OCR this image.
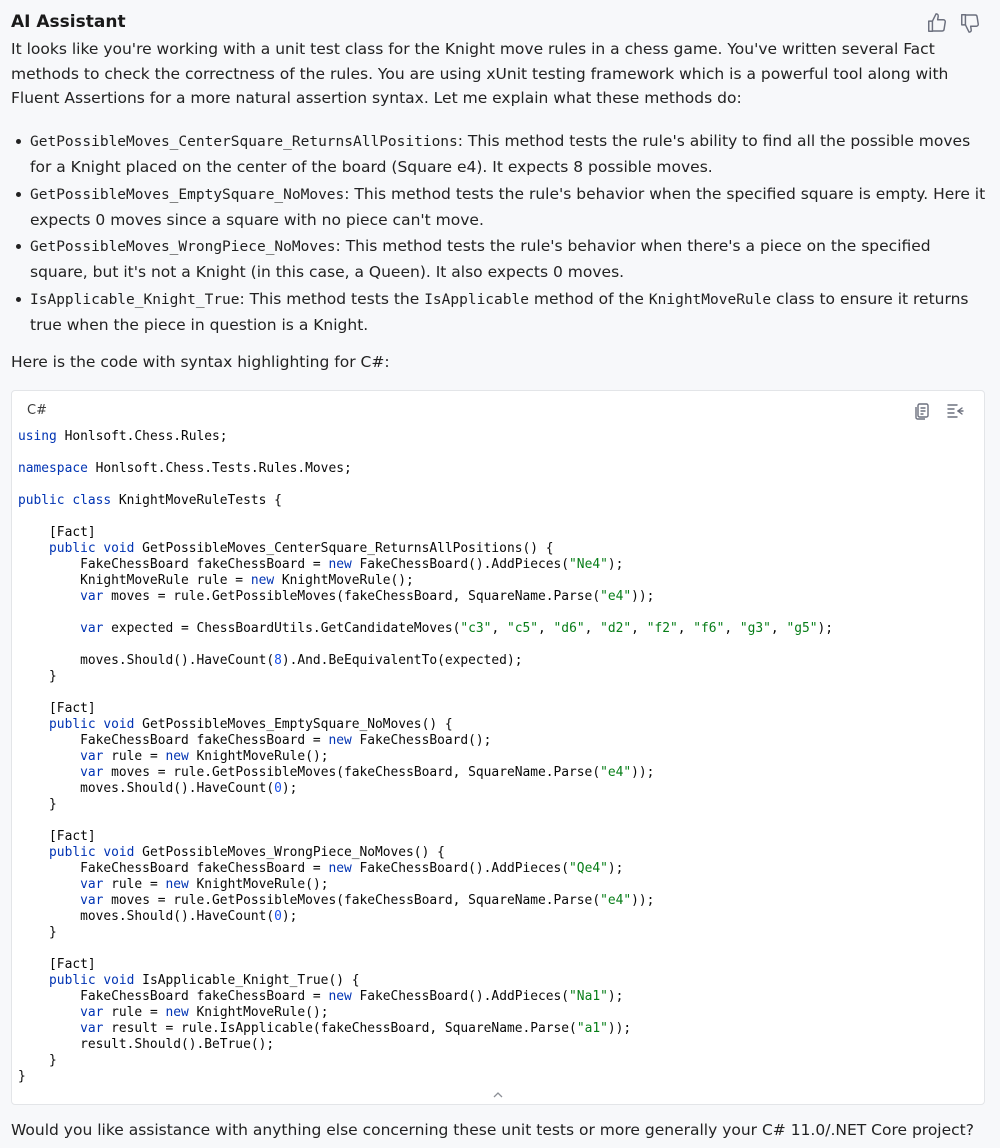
AI Assistant

It looks like you're working with a unit test class for the Knight move rules in a chess game. You've written several Fact methods to check the correctness of the rules. You are using xUnit testing framework which is a powerful tool along with Fluent Assertions for a more natural assertion syntax. Let me explain what these methods do:

GetPossibleMoves_CenterSquare_ReturnsAllPositions: This method tests the rule's ability to find all the possible moves for a Knight placed on the center of the board (Square e4). It expects 8 possible moves.
GetPossibleMoves_EmptySquare_NoMoves: This method tests the rule's behavior when the specified square is empty. Here it expects 0 moves since a square with no piece can't move.
GetPossibleMoves_WrongPiece_NoMoves: This method tests the rule's behavior when there's a piece on the specified square, but it's not a Knight (in this case, a Queen). It also expects 0 moves.
IsApplicable_Knight_True: This method tests the IsApplicable method of the KnightMoveRule class to ensure it returns true when the piece in question is a Knight.

Here is the code with syntax highlighting for C#:

C#
using Honlsoft.Chess.Rules;

namespace Honlsoft.Chess.Tests.Rules.Moves;

public class KnightMoveRuleTests {

[Fact]
public void GetPossibleMoves_CenterSquare_ReturnsAllPositions() {
FakeChessBoard fakeChessBoard = new FakeChessBoard().AddPieces("Ne4");
KnightMoveRule rule = new KnightMoveRule();
var moves = rule.GetPossibleMoves(fakeChessBoard, SquareName.Parse("e4"));

var expected = ChessBoardUtils.GetCandidateMoves("c3", "c5", "d6", "d2", "f2", "f6", "g3", "g5");

moves.Should().HaveCount(8).And.BeEquivalentTo(expected);
}

[Fact]
public void GetPossibleMoves_EmptySquare_NoMoves() {
FakeChessBoard fakeChessBoard = new FakeChessBoard();
var rule = new KnightMoveRule();
var moves = rule.GetPossibleMoves(fakeChessBoard, SquareName.Parse("e4"));
moves.Should().HaveCount(0);
}

[Fact]
public void GetPossibleMoves_WrongPiece_NoMoves() {
FakeChessBoard fakeChessBoard = new FakeChessBoard().AddPieces("Qe4");
var rule = new KnightMoveRule();
var moves = rule.GetPossibleMoves(fakeChessBoard, SquareName.Parse("e4"));
moves.Should().HaveCount(0);
}

[Fact]
public void IsApplicable_Knight_True() {
FakeChessBoard fakeChessBoard = new FakeChessBoard().AddPieces("Na1");
var rule = new KnightMoveRule();
var result = rule.IsApplicable(fakeChessBoard, SquareName.Parse("a1"));
result.Should().BeTrue();
}
}

Would you like assistance with anything else concerning these unit tests or more generally your C# 11.0/.NET Core project?
